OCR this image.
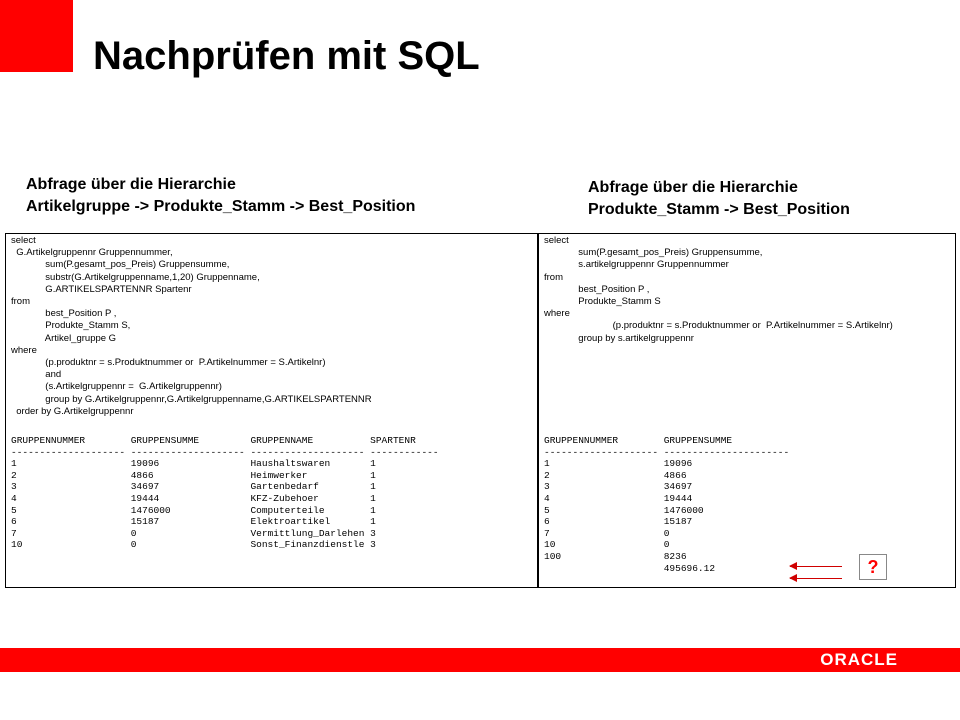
Nachprüfen mit SQL
Abfrage über die Hierarchie
Artikelgruppe -> Produkte_Stamm -> Best_Position
Abfrage über die Hierarchie
Produkte_Stamm -> Best_Position
select
G.Artikelgruppennr Gruppennummer,
sum(P.gesamt_pos_Preis) Gruppensumme,
substr(G.Artikelgruppenname,1,20) Gruppenname,
G.ARTIKELSPARTENNR Spartenr
from
best_Position P ,
Produkte_Stamm S,
Artikel_gruppe G
where
(p.produktnr = s.Produktnummer or  P.Artikelnummer = S.Artikelnr)
and
(s.Artikelgruppennr =  G.Artikelgruppennr)
group by G.Artikelgruppennr,G.Artikelgruppenname,G.ARTIKELSPARTENNR
order by G.Artikelgruppennr
GRUPPENNUMMER        GRUPPENSUMME         GRUPPENNAME          SPARTENR
-------------------- -------------------- -------------------- ------------
1                    19096                Haushaltswaren       1
2                    4866                 Heimwerker           1
3                    34697                Gartenbedarf         1
4                    19444                KFZ-Zubehoer         1
5                    1476000              Computerteile        1
6                    15187                Elektroartikel       1
7                    0                    Vermittlung_Darlehen 3
10                   0                    Sonst_Finanzdienstle 3
select
sum(P.gesamt_pos_Preis) Gruppensumme,
s.artikelgruppennr Gruppennummer
from
best_Position P ,
Produkte_Stamm S
where
(p.produktnr = s.Produktnummer or  P.Artikelnummer = S.Artikelnr)
group by s.artikelgruppennr
GRUPPENNUMMER        GRUPPENSUMME
-------------------- ----------------------
1                    19096
2                    4866
3                    34697
4                    19444
5                    1476000
6                    15187
7                    0
10                   0
100                  8236
495696.12	?
ORACLE
